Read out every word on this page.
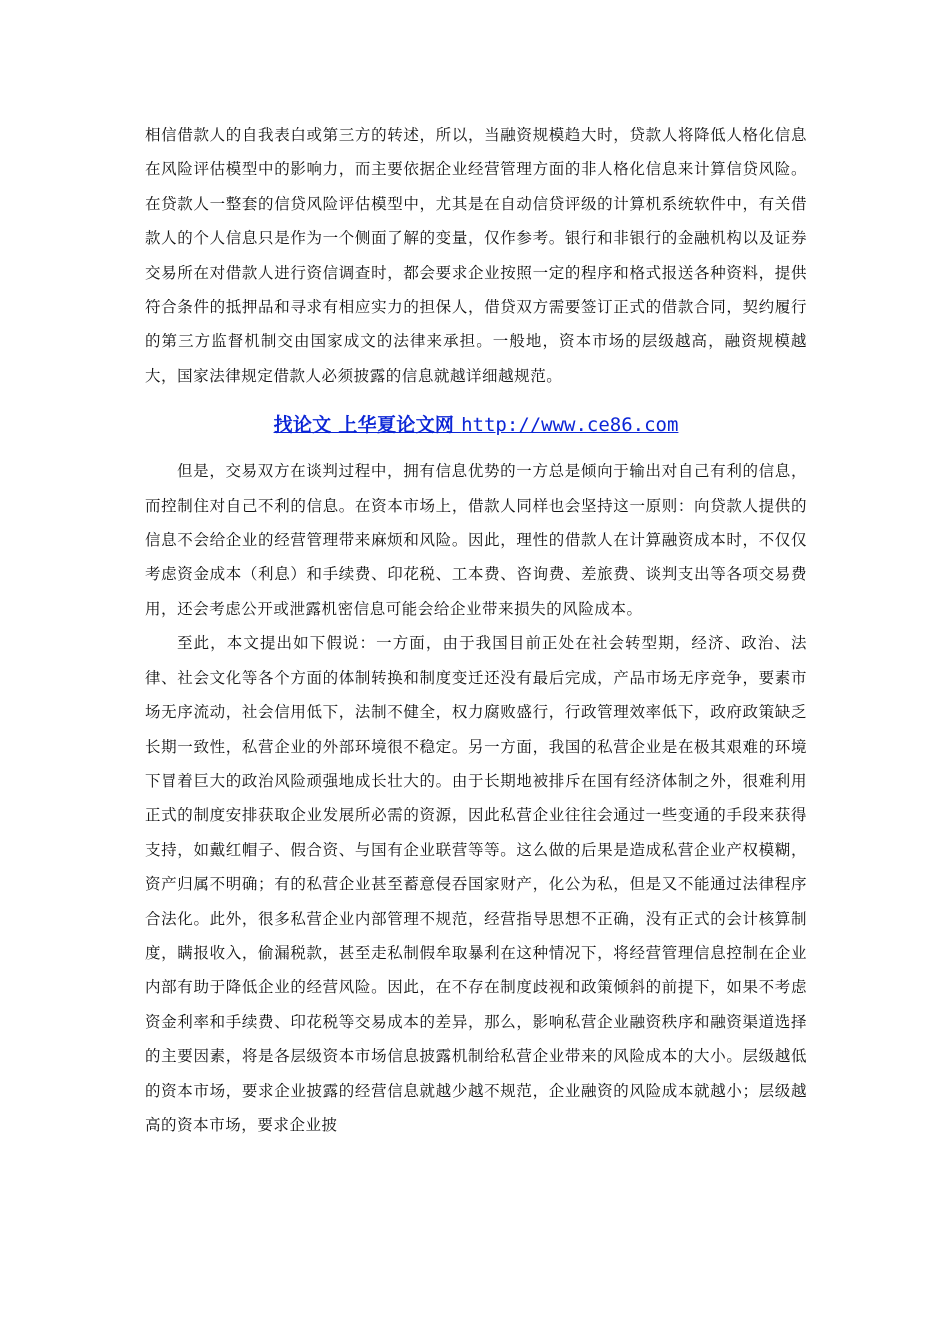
相信借款人的自我表白或第三方的转述，所以，当融资规模趋大时，贷款人将降低人格化信息在风险评估模型中的影响力，而主要依据企业经营管理方面的非人格化信息来计算信贷风险。在贷款人一整套的信贷风险评估模型中，尤其是在自动信贷评级的计算机系统软件中，有关借款人的个人信息只是作为一个侧面了解的变量，仅作参考。银行和非银行的金融机构以及证券交易所在对借款人进行资信调查时，都会要求企业按照一定的程序和格式报送各种资料，提供符合条件的抵押品和寻求有相应实力的担保人，借贷双方需要签订正式的借款合同，契约履行的第三方监督机制交由国家成文的法律来承担。一般地，资本市场的层级越高，融资规模越大，国家法律规定借款人必须披露的信息就越详细越规范。

找论文 上华夏论文网 http://www.ce86.com

但是，交易双方在谈判过程中，拥有信息优势的一方总是倾向于输出对自己有利的信息，而控制住对自己不利的信息。在资本市场上，借款人同样也会坚持这一原则：向贷款人提供的信息不会给企业的经营管理带来麻烦和风险。因此，理性的借款人在计算融资成本时，不仅仅考虑资金成本（利息）和手续费、印花税、工本费、咨询费、差旅费、谈判支出等各项交易费用，还会考虑公开或泄露机密信息可能会给企业带来损失的风险成本。

至此，本文提出如下假说：一方面，由于我国目前正处在社会转型期，经济、政治、法律、社会文化等各个方面的体制转换和制度变迁还没有最后完成，产品市场无序竞争，要素市场无序流动，社会信用低下，法制不健全，权力腐败盛行，行政管理效率低下，政府政策缺乏长期一致性，私营企业的外部环境很不稳定。另一方面，我国的私营企业是在极其艰难的环境下冒着巨大的政治风险顽强地成长壮大的。由于长期地被排斥在国有经济体制之外，很难利用正式的制度安排获取企业发展所必需的资源，因此私营企业往往会通过一些变通的手段来获得支持，如戴红帽子、假合资、与国有企业联营等等。这么做的后果是造成私营企业产权模糊，资产归属不明确；有的私营企业甚至蓄意侵吞国家财产，化公为私，但是又不能通过法律程序合法化。此外，很多私营企业内部管理不规范，经营指导思想不正确，没有正式的会计核算制度，瞒报收入，偷漏税款，甚至走私制假牟取暴利在这种情况下，将经营管理信息控制在企业内部有助于降低企业的经营风险。因此，在不存在制度歧视和政策倾斜的前提下，如果不考虑资金利率和手续费、印花税等交易成本的差异，那么，影响私营企业融资秩序和融资渠道选择的主要因素，将是各层级资本市场信息披露机制给私营企业带来的风险成本的大小。层级越低的资本市场，要求企业披露的经营信息就越少越不规范，企业融资的风险成本就越小；层级越高的资本市场，要求企业披
